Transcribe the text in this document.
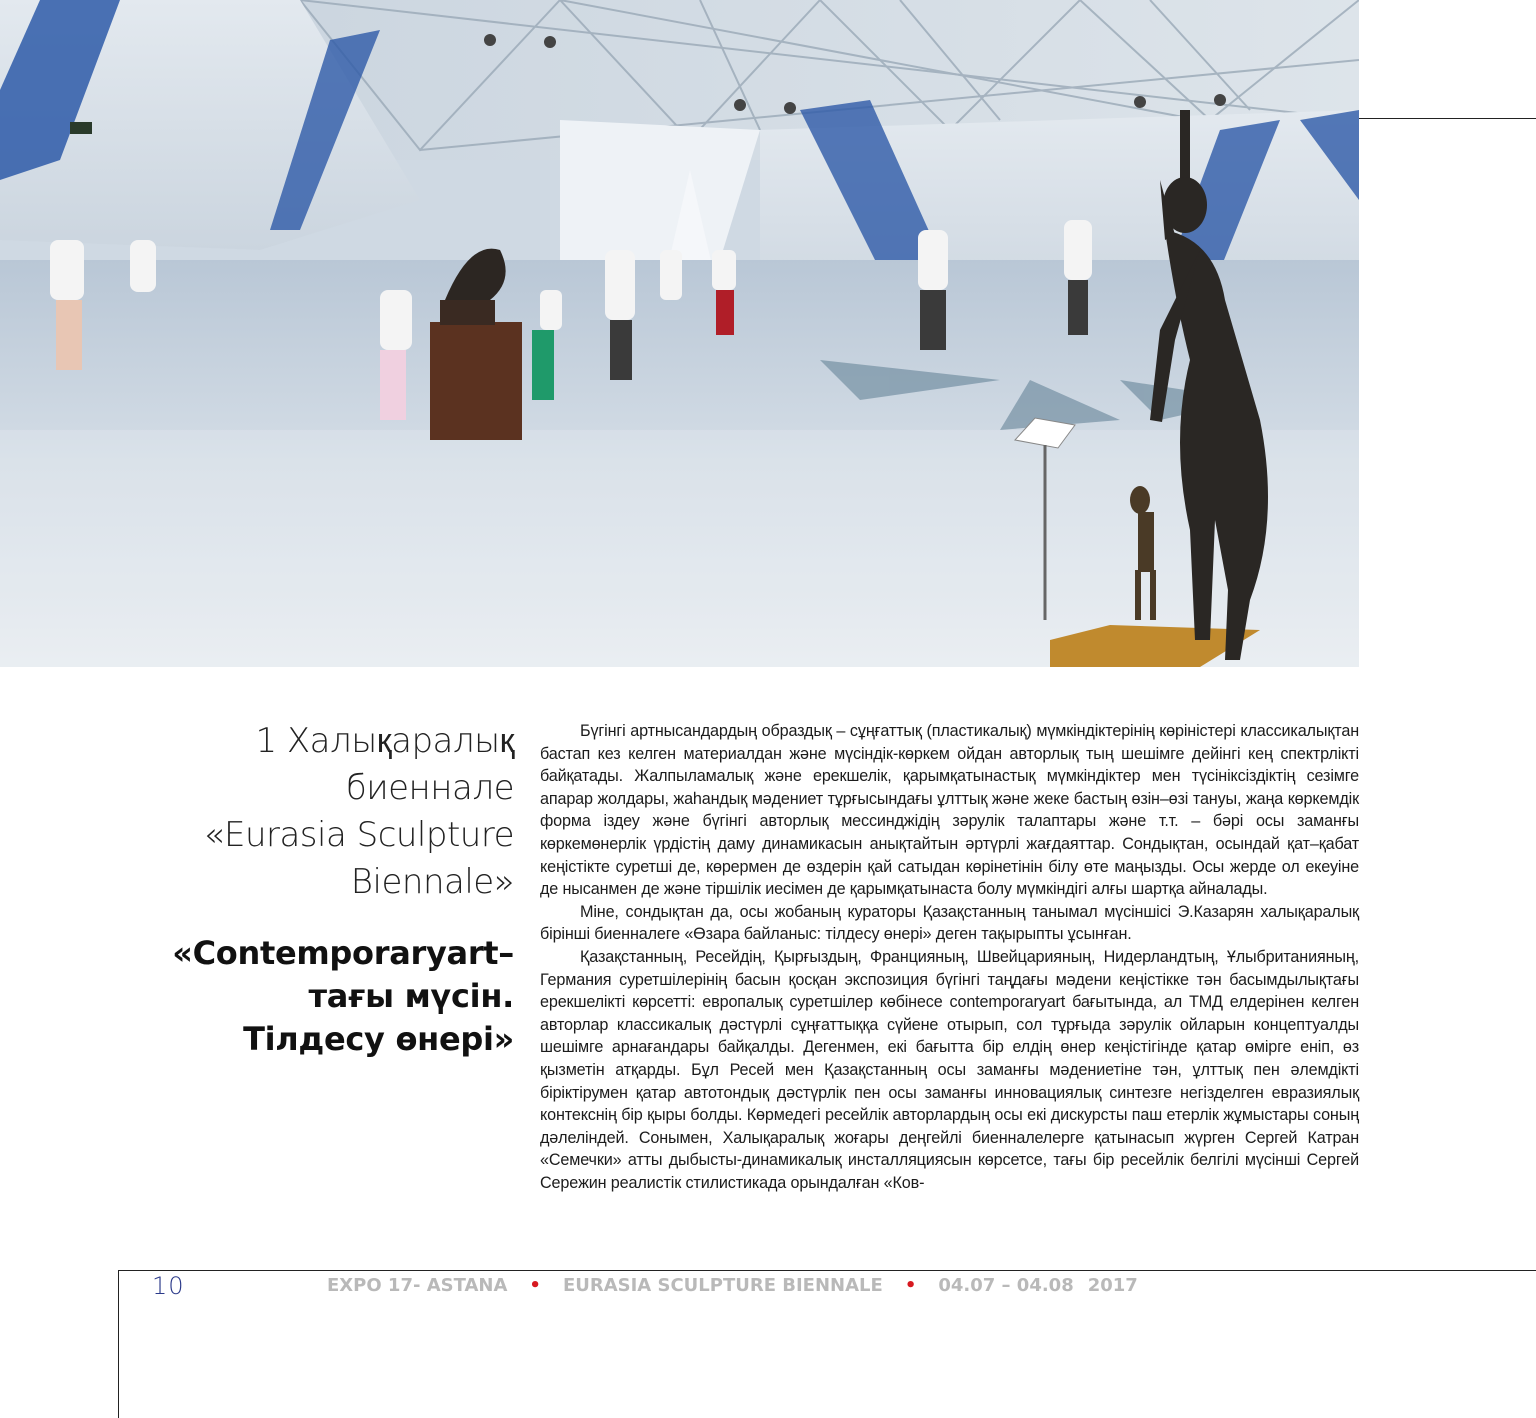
1 Халықаралық
биеннале
«Eurasia Sculpture
Biennale»
«Contemporaryart–
тағы мүсін.
Тілдесу өнері»

Бүгінгі артнысандардың образдық – сұңғаттық (пластикалық) мүмкіндіктерінің көріністері классикалықтан бастап кез келген материалдан және мүсіндік-көркем ойдан авторлық тың шешімге дейінгі кең спектрлікті байқатады. Жалпыламалық және ерекшелік, қарымқатынастық мүмкіндіктер мен түсініксіздіктің сезімге апарар жолдары, жаһандық мәдениет тұрғысындағы ұлттық және жеке бастың өзін–өзі тануы, жаңа көркемдік форма іздеу және бүгінгі авторлық мессинджідің зәрулік талаптары және т.т. – бәрі осы заманғы көркемөнерлік үрдістің даму динамикасын анықтайтын әртүрлі жағдаяттар. Сондықтан, осындай қат–қабат кеңістікте суретші де, көрермен де өздерін қай сатыдан көрінетінін білу өте маңызды. Осы жерде ол екеуіне де нысанмен де және тіршілік иесімен де қарымқатынаста болу мүмкіндігі алғы шартқа айналады.

Міне, сондықтан да, осы жобаның кураторы Қазақстанның танымал мүсіншісі Э.Казарян халықаралық бірінші биенналеге «Өзара байланыс: тілдесу өнері» деген тақырыпты ұсынған.

Қазақстанның, Ресейдің, Қырғыздың, Францияның, Швейцарияның, Нидерландтың, Ұлыбританияның, Германия суретшілерінің басын қосқан экспозиция бүгінгі таңдағы мәдени кеңістікке тән басымдылықтағы ерекшелікті көрсетті: европалық суретшілер көбінесе contemporaryart бағытында, ал ТМД елдерінен келген авторлар классикалық дәстүрлі сұңғаттыққа сүйене отырып, сол тұрғыда зәрулік ойларын концептуалды шешімге арнағандары байқалды. Дегенмен, екі бағытта бір елдің өнер кеңістігінде қатар өмірге еніп, өз қызметін атқарды. Бұл Ресей мен Қазақстанның осы заманғы мәдениетіне тән, ұлттық пен әлемдікті біріктірумен қатар автотондық дәстүрлік пен осы заманғы инновациялық синтезге негізделген евразиялық контекснің бір қыры болды. Көрмедегі ресейлік авторлардың осы екі дискурсты паш етерлік жұмыстары соның дәлеліндей. Сонымен, Халықаралық жоғары деңгейлі биенналелерге қатынасып жүрген Сергей Катран «Семечки» атты дыбысты-динамикалық инсталляциясын көрсетсе, тағы бір ресейлік белгілі мүсінші Сергей Серeжин реалистік стилистикада орындалған «Ков-

10	EXPO 17- ASTANA • EURASIA SCULPTURE BIENNALE • 04.07 – 04.08 2017
